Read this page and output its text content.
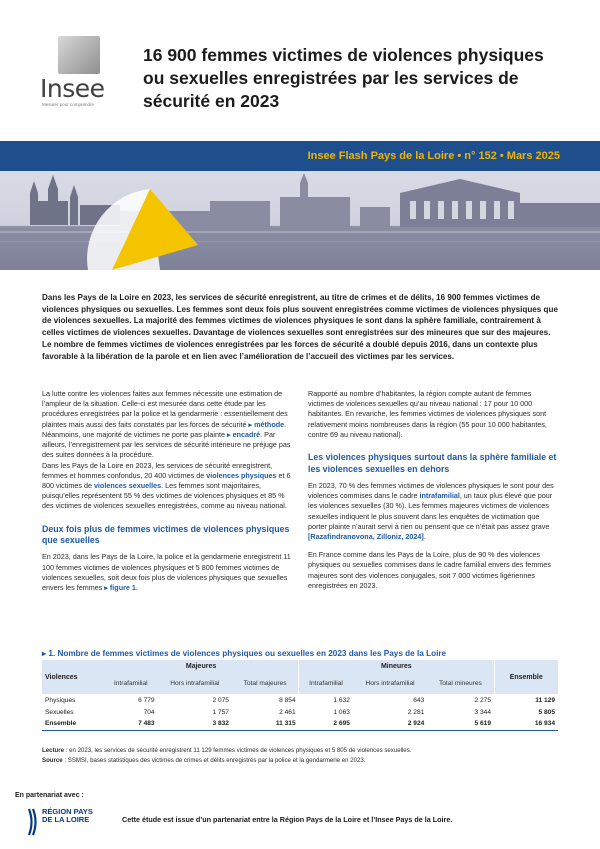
Insee
Mesurer pour comprendre
16 900 femmes victimes de violences physiques ou sexuelles enregistrées par les services de sécurité en 2023
Insee Flash Pays de la Loire • n° 152 • Mars 2025

Dans les Pays de la Loire en 2023, les services de sécurité enregistrent, au titre de crimes et de délits, 16 900 femmes victimes de violences physiques ou sexuelles. Les femmes sont deux fois plus souvent enregistrées comme victimes de violences physiques que de violences sexuelles. La majorité des femmes victimes de violences physiques le sont dans la sphère familiale, contrairement à celles victimes de violences sexuelles. Davantage de violences sexuelles sont enregistrées sur des mineures que sur des majeures. Le nombre de femmes victimes de violences enregistrées par les forces de sécurité a doublé depuis 2016, dans un contexte plus favorable à la libération de la parole et en lien avec l’amélioration de l’accueil des victimes par les services.

La lutte contre les violences faites aux femmes nécessite une estimation de l’ampleur de la situation. Celle-ci est mesurée dans cette étude par les procédures enregistrées par la police et la gendarmerie : essentiellement des plaintes mais aussi des faits constatés par les forces de sécurité ▸ méthode. Néanmoins, une majorité de victimes ne porte pas plainte ▸ encadré. Par ailleurs, l’enregistrement par les services de sécurité intérieure ne préjuge pas des suites données à la procédure.

Dans les Pays de la Loire en 2023, les services de sécurité enregistrent, femmes et hommes confondus, 20 400 victimes de violences physiques et 6 800 victimes de violences sexuelles. Les femmes sont majoritaires, puisqu’elles représentent 55 % des victimes de violences physiques et 85 % des victimes de violences sexuelles enregistrées, comme au niveau national.

Deux fois plus de femmes victimes de violences physiques que sexuelles

En 2023, dans les Pays de la Loire, la police et la gendarmerie enregistrent 11 100 femmes victimes de violences physiques et 5 800 femmes victimes de violences sexuelles, soit deux fois plus de violences physiques que sexuelles envers les femmes ▸ figure 1.

Rapporté au nombre d’habitantes, la région compte autant de femmes victimes de violences sexuelles qu’au niveau national : 17 pour 10 000 habitantes. En revanche, les femmes victimes de violences physiques sont relativement moins nombreuses dans la région (55 pour 10 000 habitantes, contre 69 au niveau national).

Les violences physiques surtout dans la sphère familiale et les violences sexuelles en dehors

En 2023, 70 % des femmes victimes de violences physiques le sont pour des violences commises dans le cadre intrafamilial, un taux plus élevé que pour les violences sexuelles (30 %). Les femmes majeures victimes de violences sexuelles indiquent le plus souvent dans les enquêtes de victimation que porter plainte n’aurait servi à rien ou pensent que ce n’était pas assez grave [Razafindranovona, Zilloniz, 2024].

En France comme dans les Pays de la Loire, plus de 90 % des violences physiques ou sexuelles commises dans le cadre familial envers des femmes majeures sont des violences conjugales, soit 7 000 victimes ligériennes enregistrées en 2023.

▸ 1. Nombre de femmes victimes de violences physiques ou sexuelles en 2023 dans les Pays de la Loire
Violences	Majeures			Mineures			Ensemble
	Intrafamilial	Hors intrafamilial	Total majeures	Intrafamilial	Hors intrafamilial	Total mineures	
Physiques	6 779	2 075	8 854	1 632	643	2 275	11 129
Sexuelles	704	1 757	2 461	1 063	2 281	3 344	5 805
Ensemble	7 483	3 832	11 315	2 695	2 924	5 619	16 934
Lecture : en 2023, les services de sécurité enregistrent 11 129 femmes victimes de violences physiques et 5 805 de violences sexuelles.
Source : SSMSI, bases statistiques des victimes de crimes et délits enregistrés par la police et la gendarmerie en 2023.
En partenariat avec :
RÉGION PAYS DE LA LOIRE	Cette étude est issue d’un partenariat entre la Région Pays de la Loire et l’Insee Pays de la Loire.
